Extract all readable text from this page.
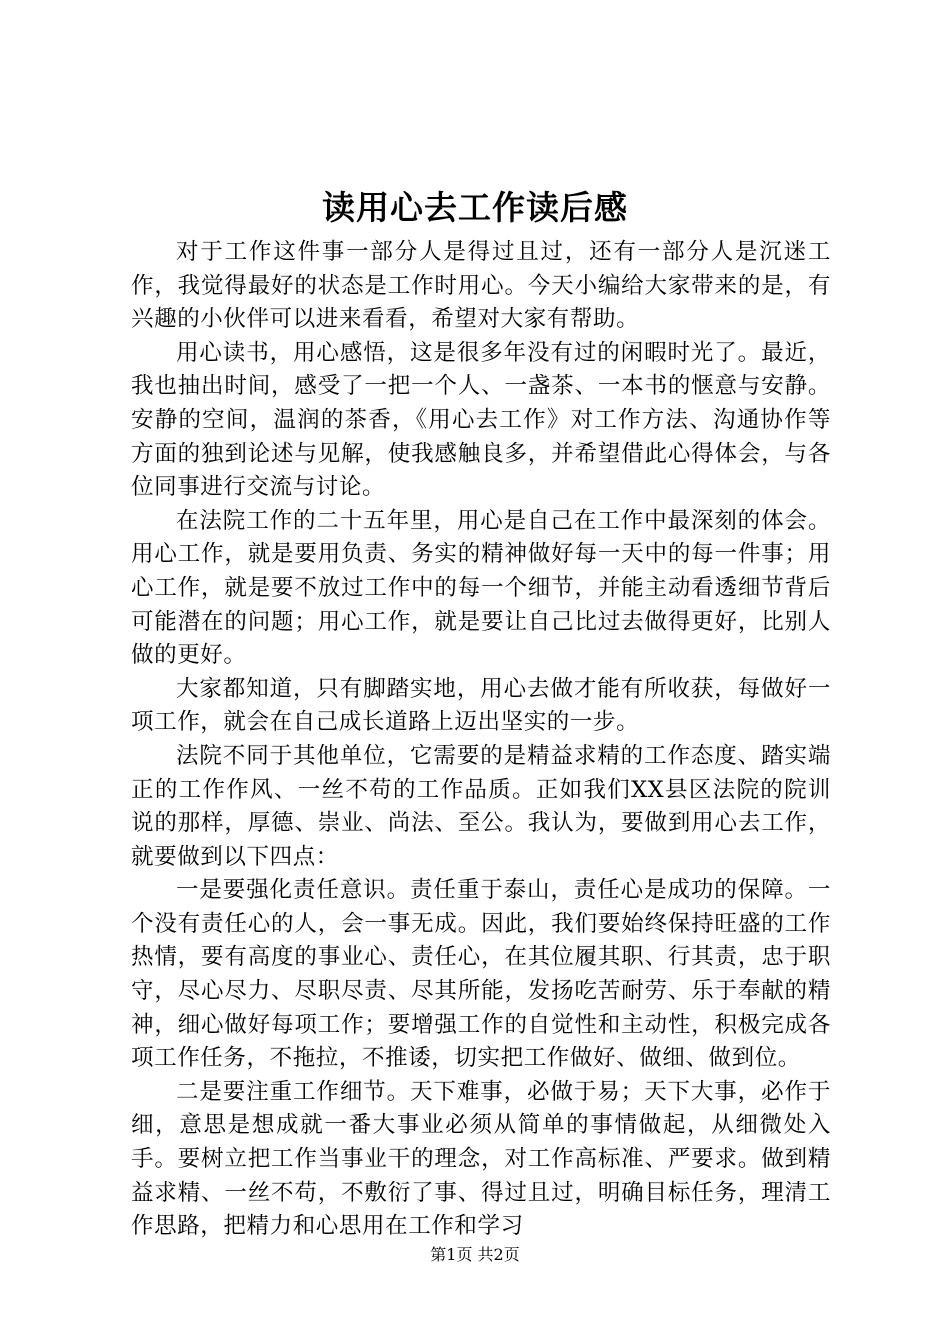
读用心去工作读后感

对于工作这件事一部分人是得过且过，还有一部分人是沉迷工作，我觉得最好的状态是工作时用心。今天小编给大家带来的是，有兴趣的小伙伴可以进来看看，希望对大家有帮助。

用心读书，用心感悟，这是很多年没有过的闲暇时光了。最近，我也抽出时间，感受了一把一个人、一盏茶、一本书的惬意与安静。安静的空间，温润的茶香，《用心去工作》对工作方法、沟通协作等方面的独到论述与见解，使我感触良多，并希望借此心得体会，与各位同事进行交流与讨论。

在法院工作的二十五年里，用心是自己在工作中最深刻的体会。用心工作，就是要用负责、务实的精神做好每一天中的每一件事；用心工作，就是要不放过工作中的每一个细节，并能主动看透细节背后可能潜在的问题；用心工作，就是要让自己比过去做得更好，比别人做的更好。

大家都知道，只有脚踏实地，用心去做才能有所收获，每做好一项工作，就会在自己成长道路上迈出坚实的一步。

法院不同于其他单位，它需要的是精益求精的工作态度、踏实端正的工作作风、一丝不苟的工作品质。正如我们XX县区法院的院训说的那样，厚德、崇业、尚法、至公。我认为，要做到用心去工作，就要做到以下四点：

一是要强化责任意识。责任重于泰山，责任心是成功的保障。一个没有责任心的人，会一事无成。因此，我们要始终保持旺盛的工作热情，要有高度的事业心、责任心，在其位履其职、行其责，忠于职守，尽心尽力、尽职尽责、尽其所能，发扬吃苦耐劳、乐于奉献的精神，细心做好每项工作；要增强工作的自觉性和主动性，积极完成各项工作任务，不拖拉，不推诿，切实把工作做好、做细、做到位。

二是要注重工作细节。天下难事，必做于易；天下大事，必作于细，意思是想成就一番大事业必须从简单的事情做起，从细微处入手。要树立把工作当事业干的理念，对工作高标准、严要求。做到精益求精、一丝不苟，不敷衍了事、得过且过，明确目标任务，理清工作思路，把精力和心思用在工作和学习

第1页 共2页
